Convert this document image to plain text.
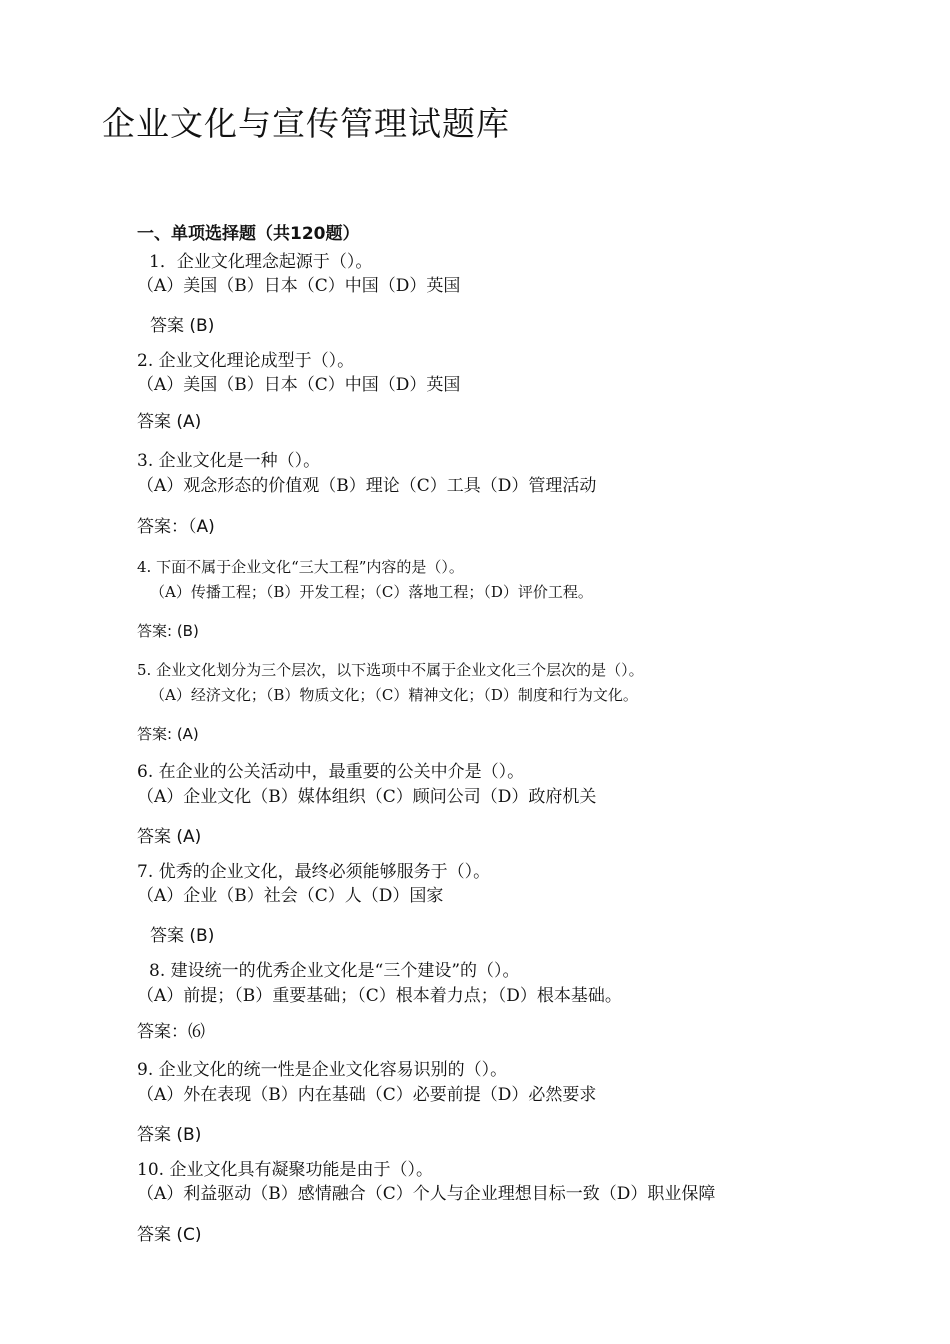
企业文化与宣传管理试题库
一、单项选择题（共120题）
1．企业文化理念起源于（）。
（A）美国（B）日本（C）中国（D）英国
答案 (B)
2. 企业文化理论成型于（）。
（A）美国（B）日本（C）中国（D）英国
答案 (A)
3. 企业文化是一种（）。
（A）观念形态的价值观（B）理论（C）工具（D）管理活动
答案：（A)
4. 下面不属于企业文化“三大工程”内容的是（）。
（A）传播工程；（B）开发工程；（C）落地工程；（D）评价工程。
答案: (B)
5. 企业文化划分为三个层次，以下选项中不属于企业文化三个层次的是（）。
（A）经济文化；（B）物质文化；（C）精神文化；（D）制度和行为文化。
答案: (A)
6. 在企业的公关活动中，最重要的公关中介是（）。
（A）企业文化（B）媒体组织（C）顾问公司（D）政府机关
答案 (A)
7. 优秀的企业文化，最终必须能够服务于（）。
（A）企业（B）社会（C）人（D）国家
答案 (B)
8. 建设统一的优秀企业文化是“三个建设”的（）。
（A）前提；（B）重要基础；（C）根本着力点；（D）根本基础。
答案：⑹
9. 企业文化的统一性是企业文化容易识别的（）。
（A）外在表现（B）内在基础（C）必要前提（D）必然要求
答案 (B)
10. 企业文化具有凝聚功能是由于（）。
（A）利益驱动（B）感情融合（C）个人与企业理想目标一致（D）职业保障
答案 (C)
